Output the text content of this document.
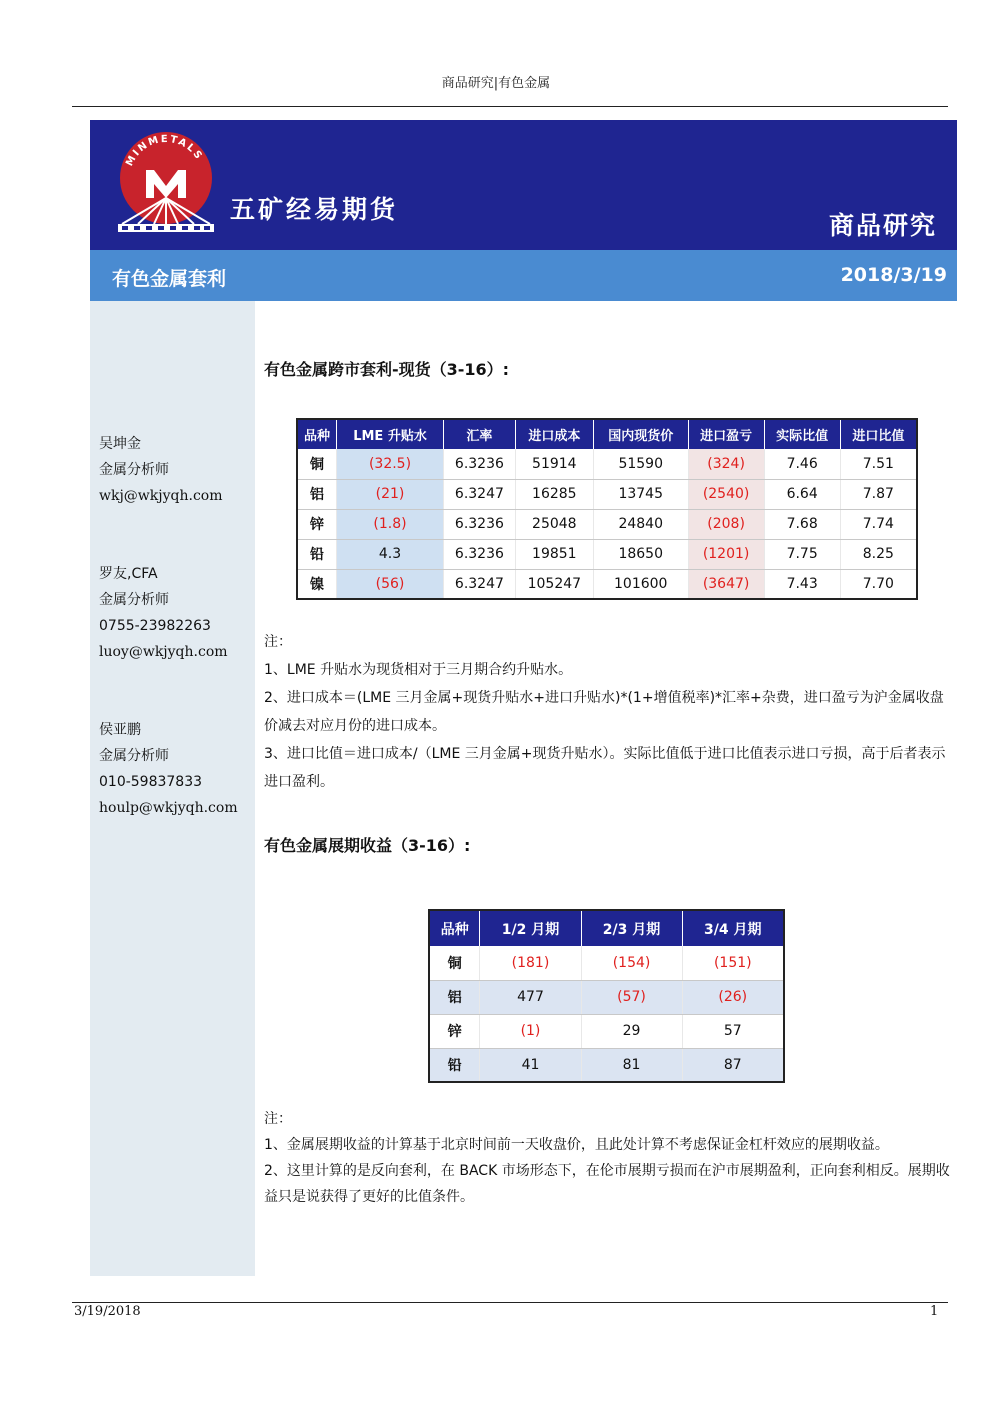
商品研究|有色金属
MINMETALS
五矿经易期货
商品研究
有色金属套利	2018/3/19
吴坤金
金属分析师
wkj@wkjyqh.com
罗友,CFA
金属分析师
0755-23982263
luoy@wkjyqh.com
侯亚鹏
金属分析师
010-59837833
houlp@wkjyqh.com
有色金属跨市套利-现货（3-16）:
品种	LME 升贴水	汇率	进口成本	国内现货价	进口盈亏	实际比值	进口比值
铜	(32.5)	6.3236	51914	51590	(324)	7.46	7.51
铝	(21)	6.3247	16285	13745	(2540)	6.64	7.87
锌	(1.8)	6.3236	25048	24840	(208)	7.68	7.74
铅	4.3	6.3236	19851	18650	(1201)	7.75	8.25
镍	(56)	6.3247	105247	101600	(3647)	7.43	7.70
注：
1、LME 升贴水为现货相对于三月期合约升贴水。
2、进口成本＝(LME 三月金属+现货升贴水+进口升贴水)*(1+增值税率)*汇率+杂费，进口盈亏为沪金属收盘价减去对应月份的进口成本。
3、进口比值＝进口成本/（LME 三月金属+现货升贴水）。实际比值低于进口比值表示进口亏损，高于后者表示进口盈利。
有色金属展期收益（3-16）:
品种	1/2 月期	2/3 月期	3/4 月期
铜	(181)	(154)	(151)
铝	477	(57)	(26)
锌	(1)	29	57
铅	41	81	87
注：
1、金属展期收益的计算基于北京时间前一天收盘价，且此处计算不考虑保证金杠杆效应的展期收益。
2、这里计算的是反向套利，在 BACK 市场形态下，在伦市展期亏损而在沪市展期盈利，正向套利相反。展期收益只是说获得了更好的比值条件。
3/19/2018	1
